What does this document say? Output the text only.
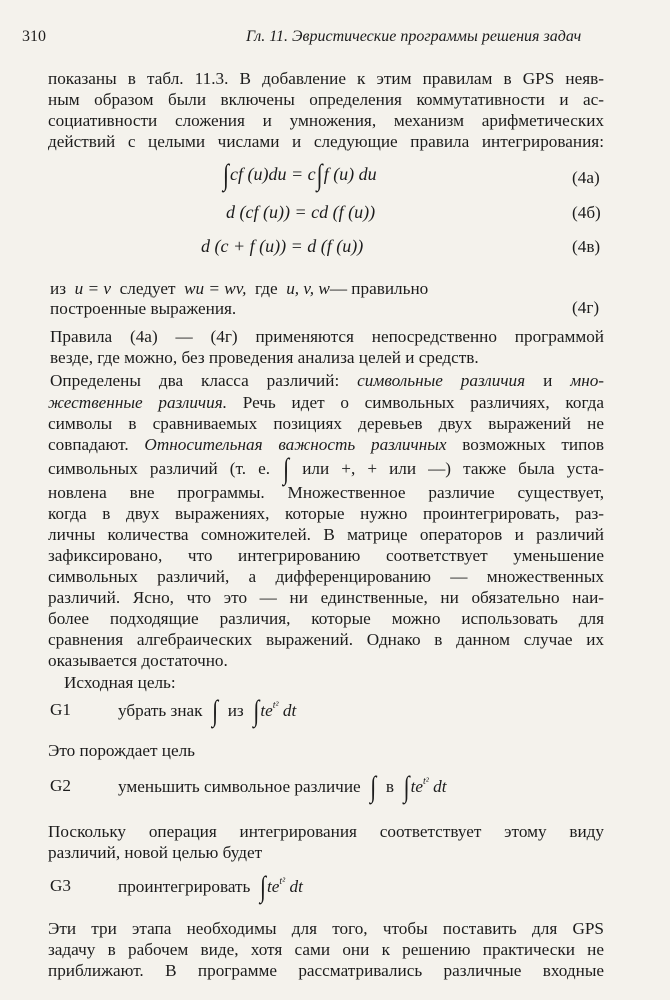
310	Гл. 11. Эвристические программы решения задач
показаны в табл. 11.3. В добавление к этим правилам в GPS неяв-
ным образом были включены определения коммутативности и ас-
социативности сложения и умножения, механизм арифметических
действий с целыми числами и следующие правила интегрирования:
∫cf (u)du = c∫f (u) du	(4а)
d (cf (u)) = cd (f (u))	(4б)
d (c + f (u)) = d (f (u))	(4в)
из u = v следует wu = wv, где u, v, w— правильно
построенные выражения.	(4г)
Правила (4а) — (4г) применяются непосредственно программой
везде, где можно, без проведения анализа целей и средств.
Определены два класса различий: символьные различия и мно-
жественные различия. Речь идет о символьных различиях, когда
символы в сравниваемых позициях деревьев двух выражений не
совпадают. Относительная важность различных возможных типов
символьных различий (т. е. ∫ или +, + или —) также была уста-
новлена вне программы. Множественное различие существует,
когда в двух выражениях, которые нужно проинтегрировать, раз-
личны количества сомножителей. В матрице операторов и различий
зафиксировано, что интегрированию соответствует уменьшение
символьных различий, а дифференцированию — множественных
различий. Ясно, что это — ни единственные, ни обязательно наи-
более подходящие различия, которые можно использовать для
сравнения алгебраических выражений. Однако в данном случае их
оказывается достаточно.
Исходная цель:
G1	убрать знак ∫ из $\int te^{t^2}$ dt
Это порождает цель
G2	уменьшить символьное различие ∫ в $\int te^{t^2}$ dt
Поскольку операция интегрирования соответствует этому виду
различий, новой целью будет
G3	проинтегрировать $\int te^{t^2}$ dt
Эти три этапа необходимы для того, чтобы поставить для GPS
задачу в рабочем виде, хотя сами они к решению практически не
приближают. В программе рассматривались различные входные
